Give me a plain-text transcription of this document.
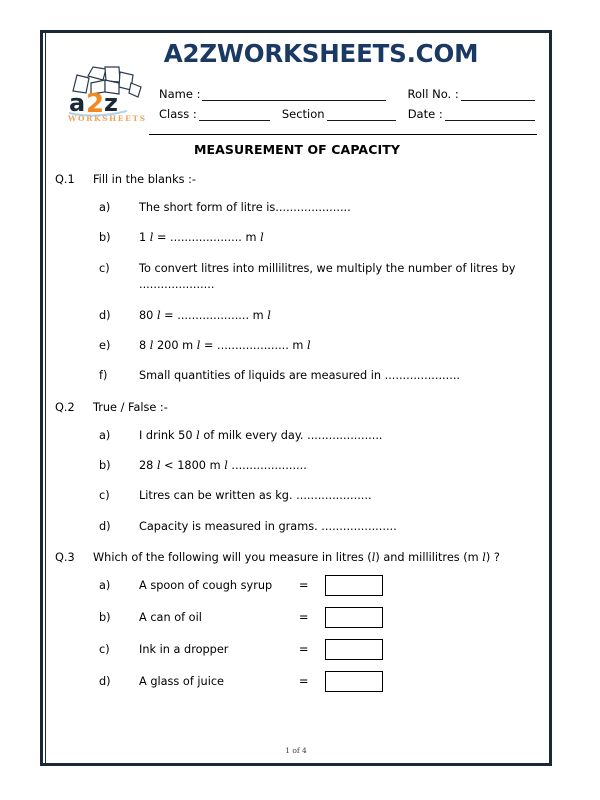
a 2 z
WORKSHEETS
A2ZWORKSHEETS.COM
Name :	Roll No. :
Class :	Section	Date :
MEASUREMENT OF CAPACITY
Q.1	Fill in the blanks :-
a)	The short form of litre is.....................
b)	1 l = .................... m l
c)	To convert litres into millilitres, we multiply the number of litres by
.....................
d)	80 l = .................... m l
e)	8 l 200 m l = .................... m l
f)	Small quantities of liquids are measured in .....................
Q.2	True / False :-
a)	I drink 50 l of milk every day. .....................
b)	28 l < 1800 m l .....................
c)	Litres can be written as kg. .....................
d)	Capacity is measured in grams. .....................
Q.3	Which of the following will you measure in litres (l) and millilitres (m l) ?
a)	A spoon of cough syrup	=
b)	A can of oil	=
c)	Ink in a dropper	=
d)	A glass of juice	=
1 of 4
